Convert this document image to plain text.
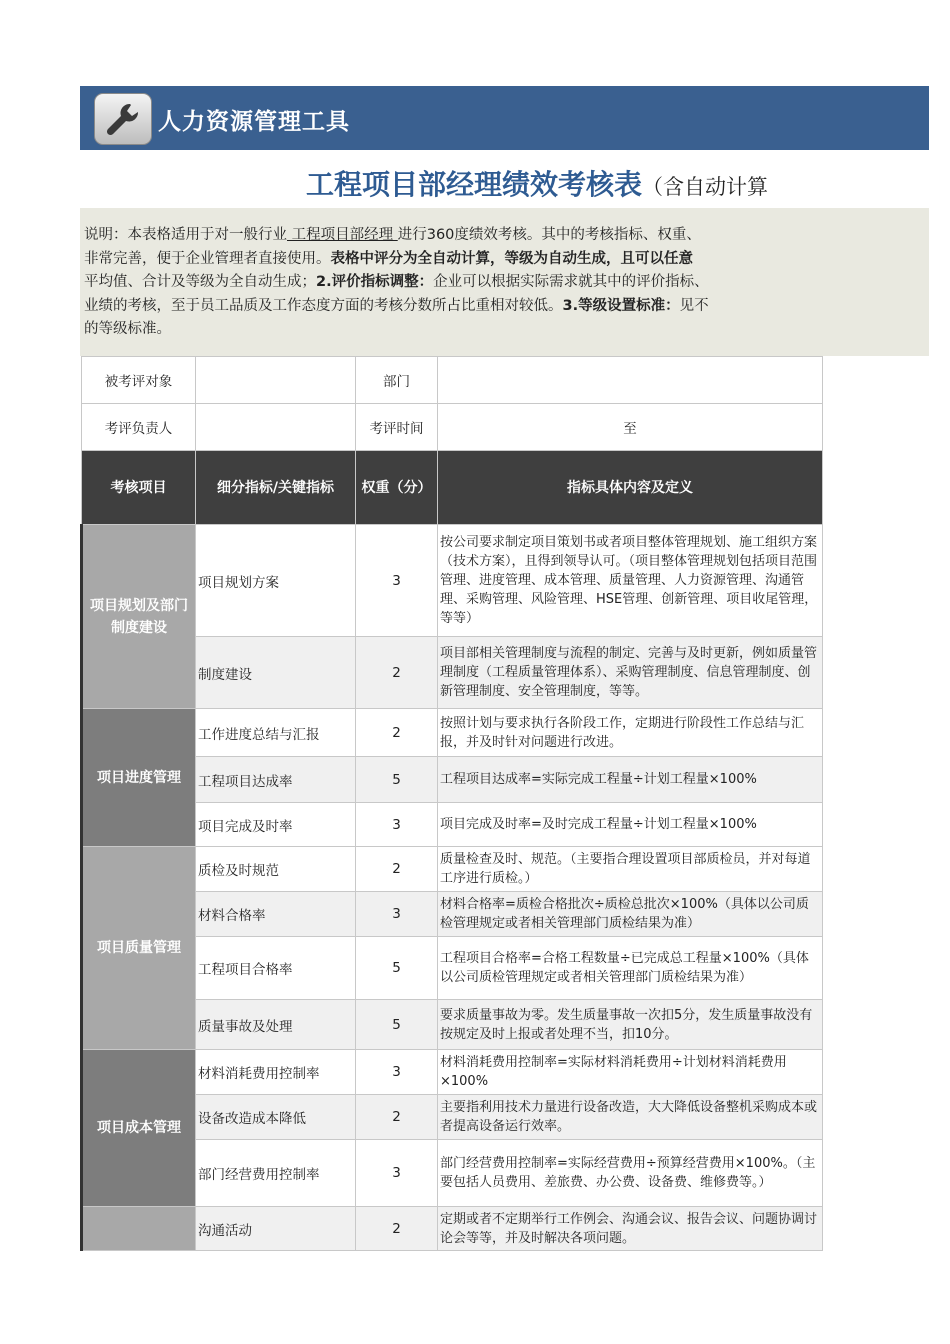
人力资源管理工具
工程项目部经理绩效考核表（含自动计算
说明：本表格适用于对一般行业 工程项目部经理 进行360度绩效考核。其中的考核指标、权重、
非常完善，便于企业管理者直接使用。表格中评分为全自动计算，等级为自动生成，且可以任意
平均值、合计及等级为全自动生成；2.评价指标调整：企业可以根据实际需求就其中的评价指标、
业绩的考核，至于员工品质及工作态度方面的考核分数所占比重相对较低。3.等级设置标准：见不
的等级标准。
被考评对象		部门	
考评负责人		考评时间	至
考核项目	细分指标/关键指标	权重（分）	指标具体内容及定义
项目规划及部门制度建设	项目规划方案	3	按公司要求制定项目策划书或者项目整体管理规划、施工组织方案（技术方案），且得到领导认可。（项目整体管理规划包括项目范围管理、进度管理、成本管理、质量管理、人力资源管理、沟通管理、采购管理、风险管理、HSE管理、创新管理、项目收尾管理，等等）
	制度建设	2	项目部相关管理制度与流程的制定、完善与及时更新，例如质量管理制度（工程质量管理体系）、采购管理制度、信息管理制度、创新管理制度、安全管理制度，等等。
项目进度管理	工作进度总结与汇报	2	按照计划与要求执行各阶段工作，定期进行阶段性工作总结与汇报，并及时针对问题进行改进。
	工程项目达成率	5	工程项目达成率=实际完成工程量÷计划工程量×100%
	项目完成及时率	3	项目完成及时率=及时完成工程量÷计划工程量×100%
项目质量管理	质检及时规范	2	质量检查及时、规范。（主要指合理设置项目部质检员，并对每道工序进行质检。）
	材料合格率	3	材料合格率=质检合格批次÷质检总批次×100%（具体以公司质检管理规定或者相关管理部门质检结果为准）
	工程项目合格率	5	工程项目合格率=合格工程数量÷已完成总工程量×100%（具体以公司质检管理规定或者相关管理部门质检结果为准）
	质量事故及处理	5	要求质量事故为零。发生质量事故一次扣5分，发生质量事故没有按规定及时上报或者处理不当，扣10分。
项目成本管理	材料消耗费用控制率	3	材料消耗费用控制率=实际材料消耗费用÷计划材料消耗费用×100%
	设备改造成本降低	2	主要指利用技术力量进行设备改造，大大降低设备整机采购成本或者提高设备运行效率。
	部门经营费用控制率	3	部门经营费用控制率=实际经营费用÷预算经营费用×100%。（主要包括人员费用、差旅费、办公费、设备费、维修费等。）
	沟通活动	2	定期或者不定期举行工作例会、沟通会议、报告会议、问题协调讨论会等等，并及时解决各项问题。
